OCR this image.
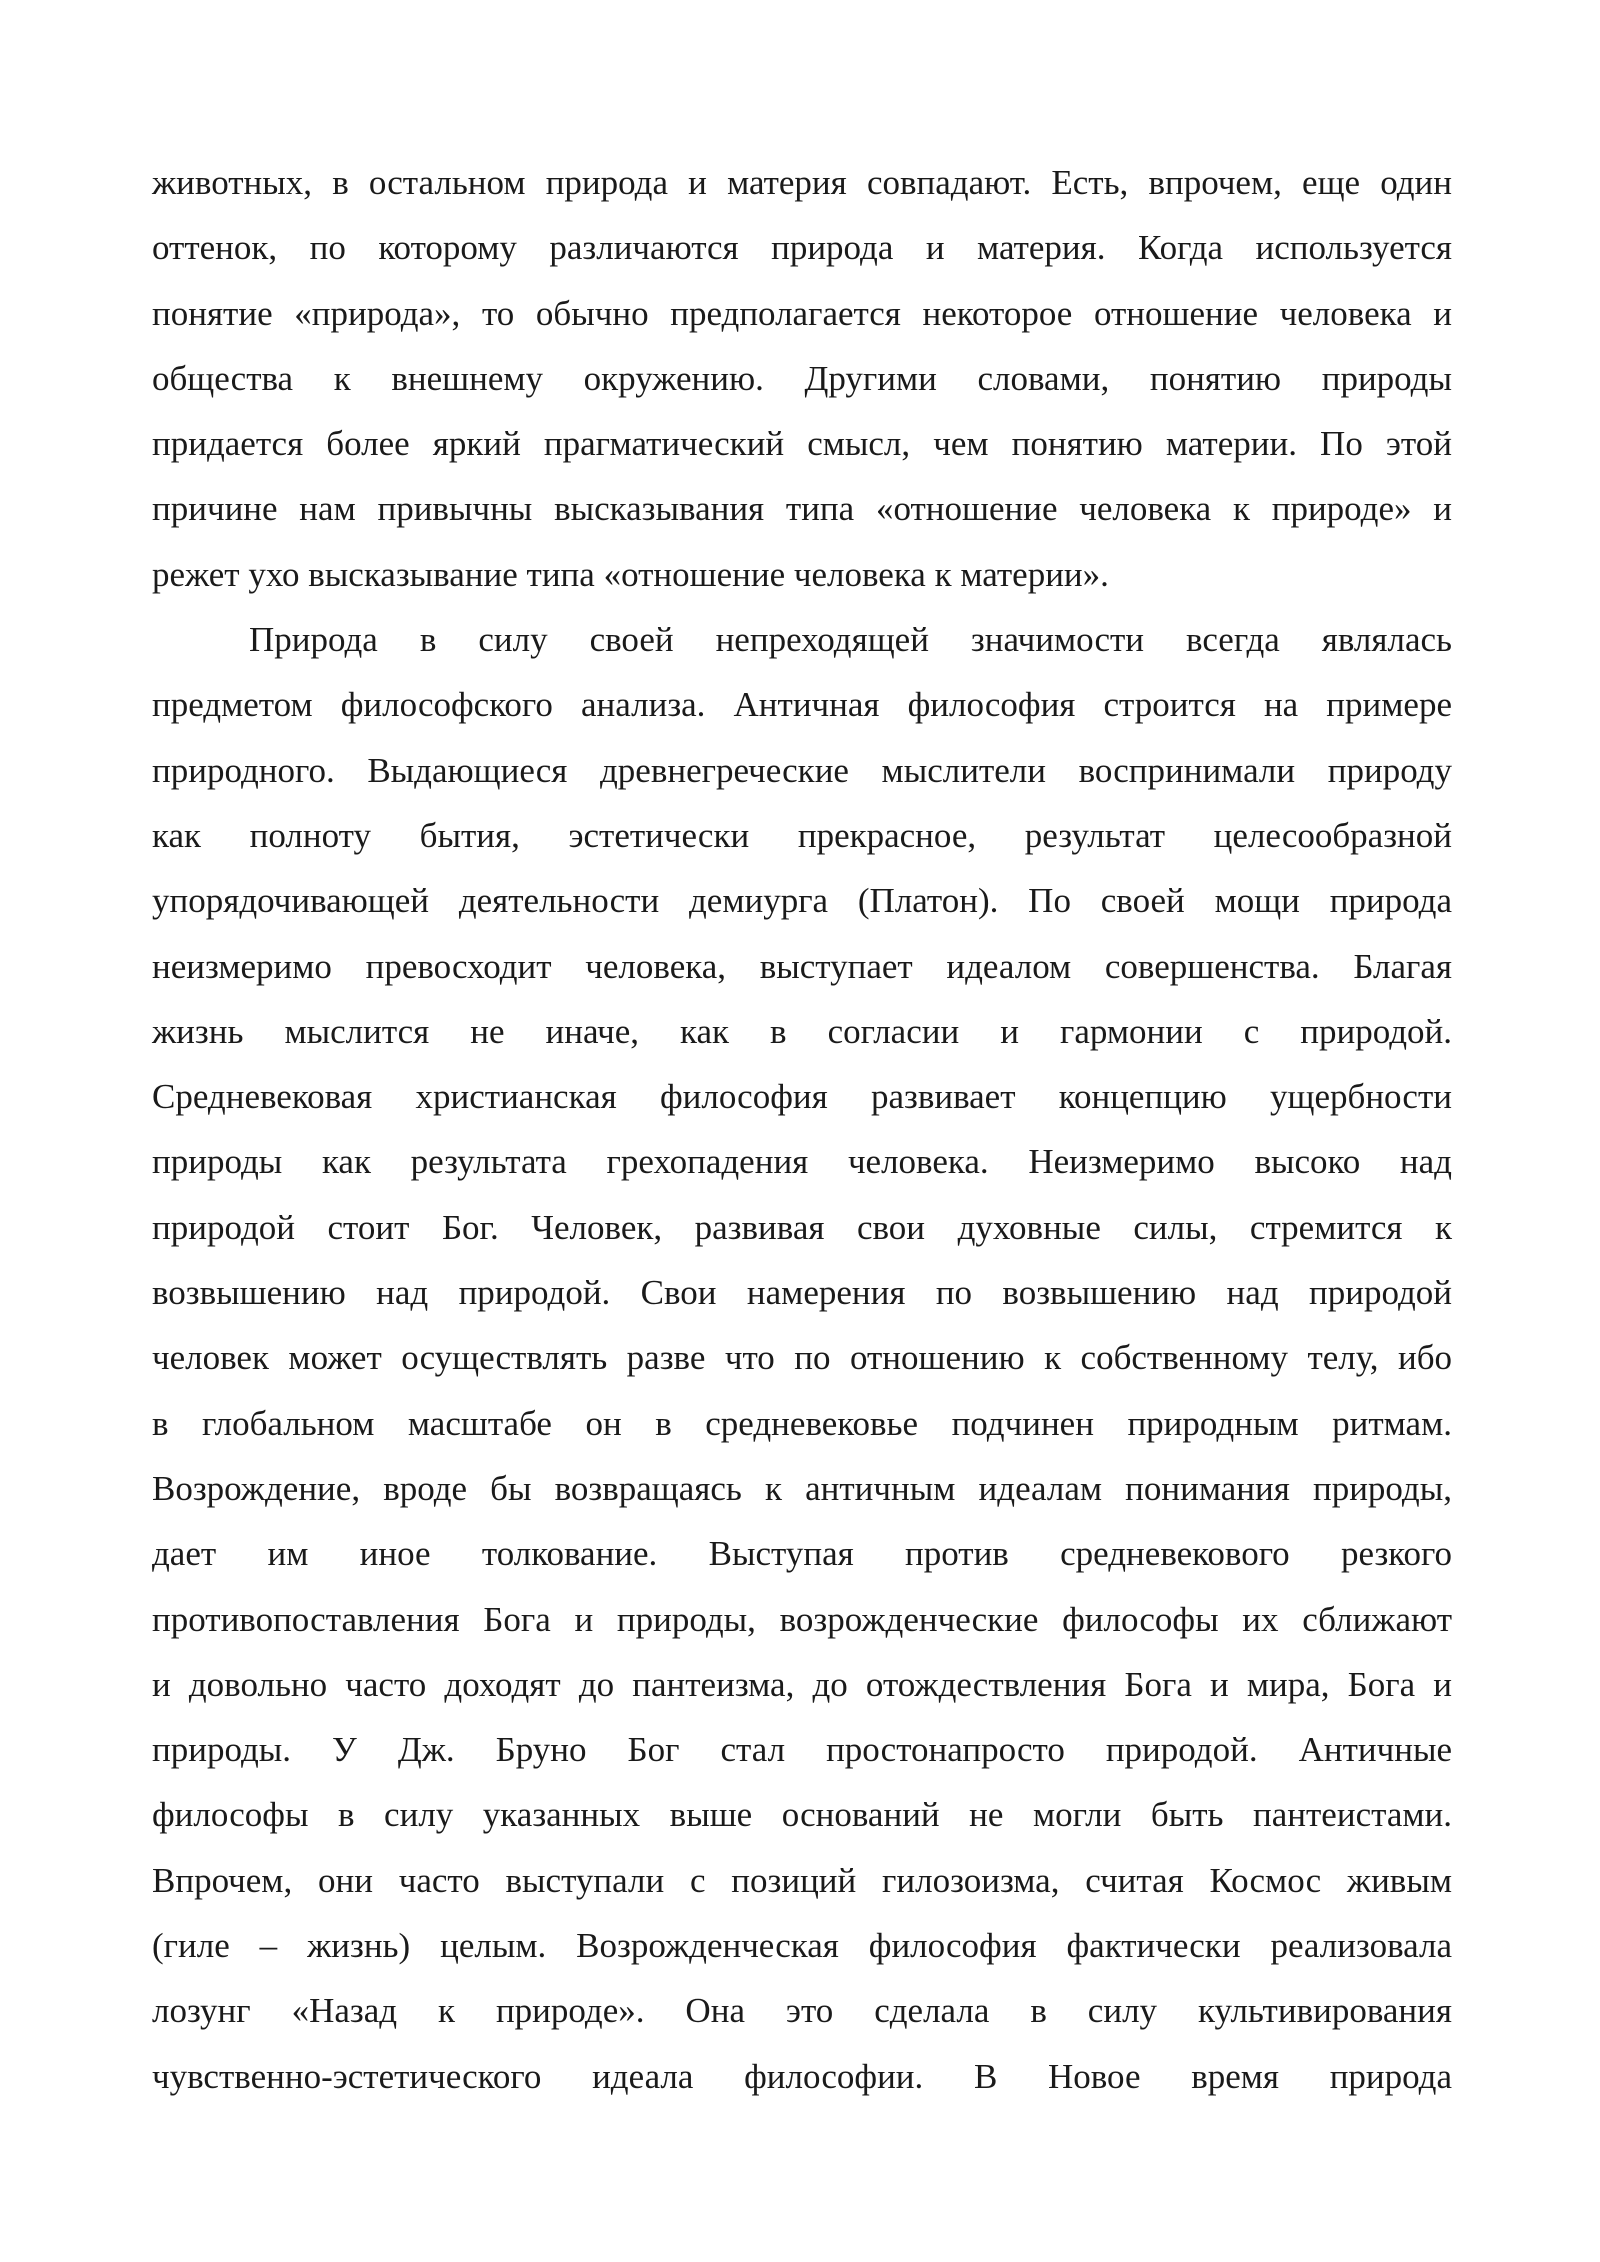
животных, в остальном природа и материя совпадают. Есть, впрочем, еще один
оттенок, по которому различаются природа и материя. Когда используется
понятие «природа», то обычно предполагается некоторое отношение человека и
общества к внешнему окружению. Другими словами, понятию природы
придается более яркий прагматический смысл, чем понятию материи. По этой
причине нам привычны высказывания типа «отношение человека к природе» и
режет ухо высказывание типа «отношение человека к материи».
Природа в силу своей непреходящей значимости всегда являлась
предметом философского анализа. Античная философия строится на примере
природного. Выдающиеся древнегреческие мыслители воспринимали природу
как полноту бытия, эстетически прекрасное, результат целесообразной
упорядочивающей деятельности демиурга (Платон). По своей мощи природа
неизмеримо превосходит человека, выступает идеалом совершенства. Благая
жизнь мыслится не иначе, как в согласии и гармонии с природой.
Средневековая христианская философия развивает концепцию ущербности
природы как результата грехопадения человека. Неизмеримо высоко над
природой стоит Бог. Человек, развивая свои духовные силы, стремится к
возвышению над природой. Свои намерения по возвышению над природой
человек может осуществлять разве что по отношению к собственному телу, ибо
в глобальном масштабе он в средневековье подчинен природным ритмам.
Возрождение, вроде бы возвращаясь к античным идеалам понимания природы,
дает им иное толкование. Выступая против средневекового резкого
противопоставления Бога и природы, возрожденческие философы их сближают
и довольно часто доходят до пантеизма, до отождествления Бога и мира, Бога и
природы. У Дж. Бруно Бог стал простонапросто природой. Античные
философы в силу указанных выше оснований не могли быть пантеистами.
Впрочем, они часто выступали с позиций гилозоизма, считая Космос живым
(гиле – жизнь) целым. Возрожденческая философия фактически реализовала
лозунг «Назад к природе». Она это сделала в силу культивирования
чувственно-эстетического идеала философии. В Новое время природа
